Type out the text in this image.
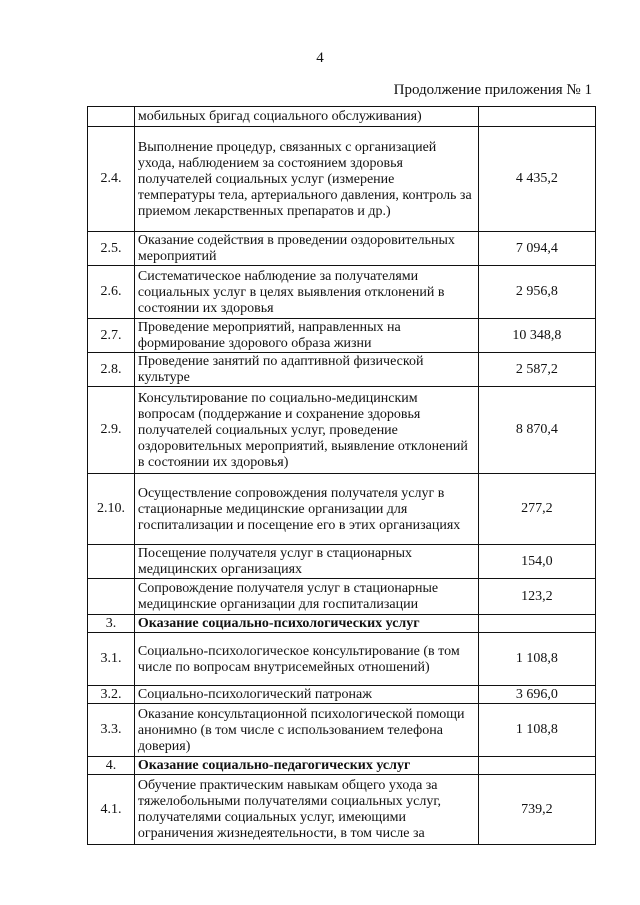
4
Продолжение приложения № 1
	мобильных бригад социального обслуживания)	
2.4.	Выполнение процедур, связанных с организацией ухода, наблюдением за состоянием здоровья получателей социальных услуг (измерение температуры тела, артериального давления, контроль за приемом лекарственных препаратов и др.)	4 435,2
2.5.	Оказание содействия в проведении оздоровительных мероприятий	7 094,4
2.6.	Систематическое наблюдение за получателями социальных услуг в целях выявления отклонений в состоянии их здоровья	2 956,8
2.7.	Проведение мероприятий, направленных на формирование здорового образа жизни	10 348,8
2.8.	Проведение занятий по адаптивной физической культуре	2 587,2
2.9.	Консультирование по социально-медицинским вопросам (поддержание и сохранение здоровья получателей социальных услуг, проведение оздоровительных мероприятий, выявление отклонений в состоянии их здоровья)	8 870,4
2.10.	Осуществление сопровождения получателя услуг в стационарные медицинские организации для госпитализации и посещение его в этих организациях	277,2
	Посещение получателя услуг в стационарных медицинских организациях	154,0
	Сопровождение получателя услуг в стационарные медицинские организации для госпитализации	123,2
3.	Оказание социально-психологических услуг	
3.1.	Социально-психологическое консультирование (в том числе по вопросам внутрисемейных отношений)	1 108,8
3.2.	Социально-психологический патронаж	3 696,0
3.3.	Оказание консультационной психологической помощи анонимно (в том числе с использованием телефона доверия)	1 108,8
4.	Оказание социально-педагогических услуг	
4.1.	Обучение практическим навыкам общего ухода за тяжелобольными получателями социальных услуг, получателями социальных услуг, имеющими ограничения жизнедеятельности, в том числе за	739,2
